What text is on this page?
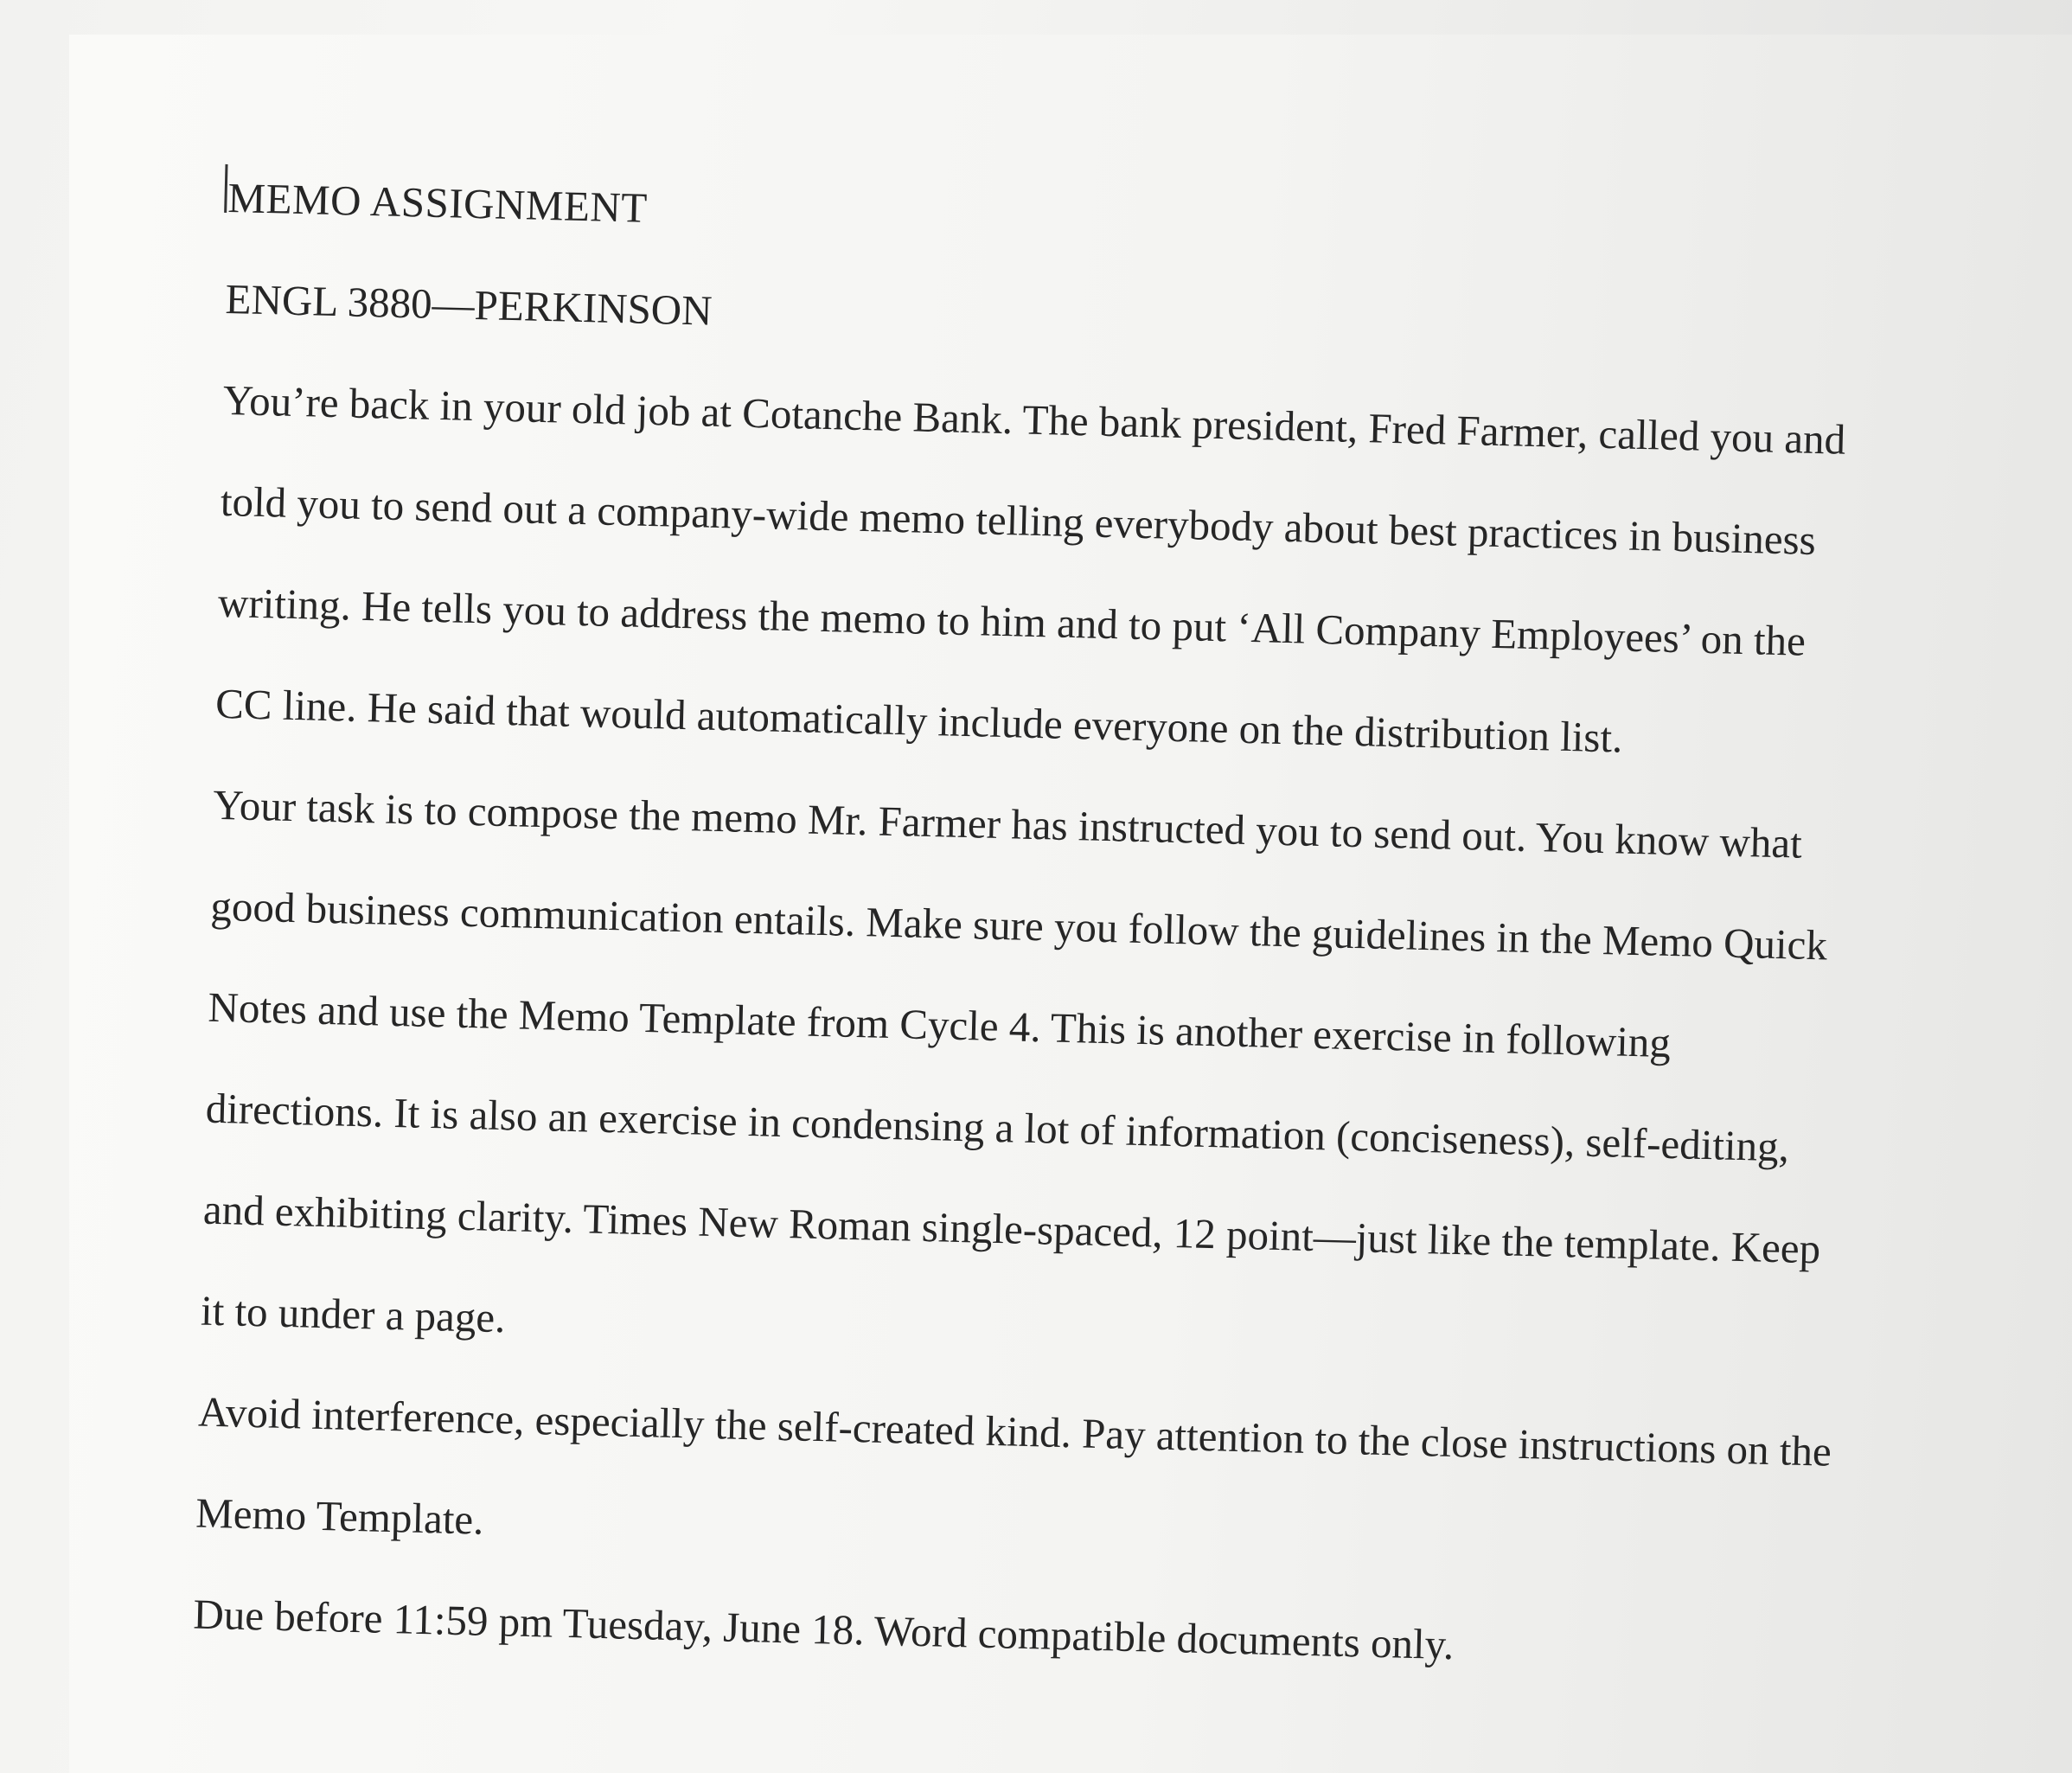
MEMO ASSIGNMENT

ENGL 3880—PERKINSON

You’re back in your old job at Cotanche Bank. The bank president, Fred Farmer, called you and

told you to send out a company-wide memo telling everybody about best practices in business

writing. He tells you to address the memo to him and to put ‘All Company Employees’ on the

CC line. He said that would automatically include everyone on the distribution list.

Your task is to compose the memo Mr. Farmer has instructed you to send out. You know what

good business communication entails. Make sure you follow the guidelines in the Memo Quick

Notes and use the Memo Template from Cycle 4. This is another exercise in following

directions. It is also an exercise in condensing a lot of information (conciseness), self-editing,

and exhibiting clarity. Times New Roman single-spaced, 12 point—just like the template. Keep

it to under a page.

Avoid interference, especially the self-created kind. Pay attention to the close instructions on the

Memo Template.

Due before 11:59 pm Tuesday, June 18. Word compatible documents only.
